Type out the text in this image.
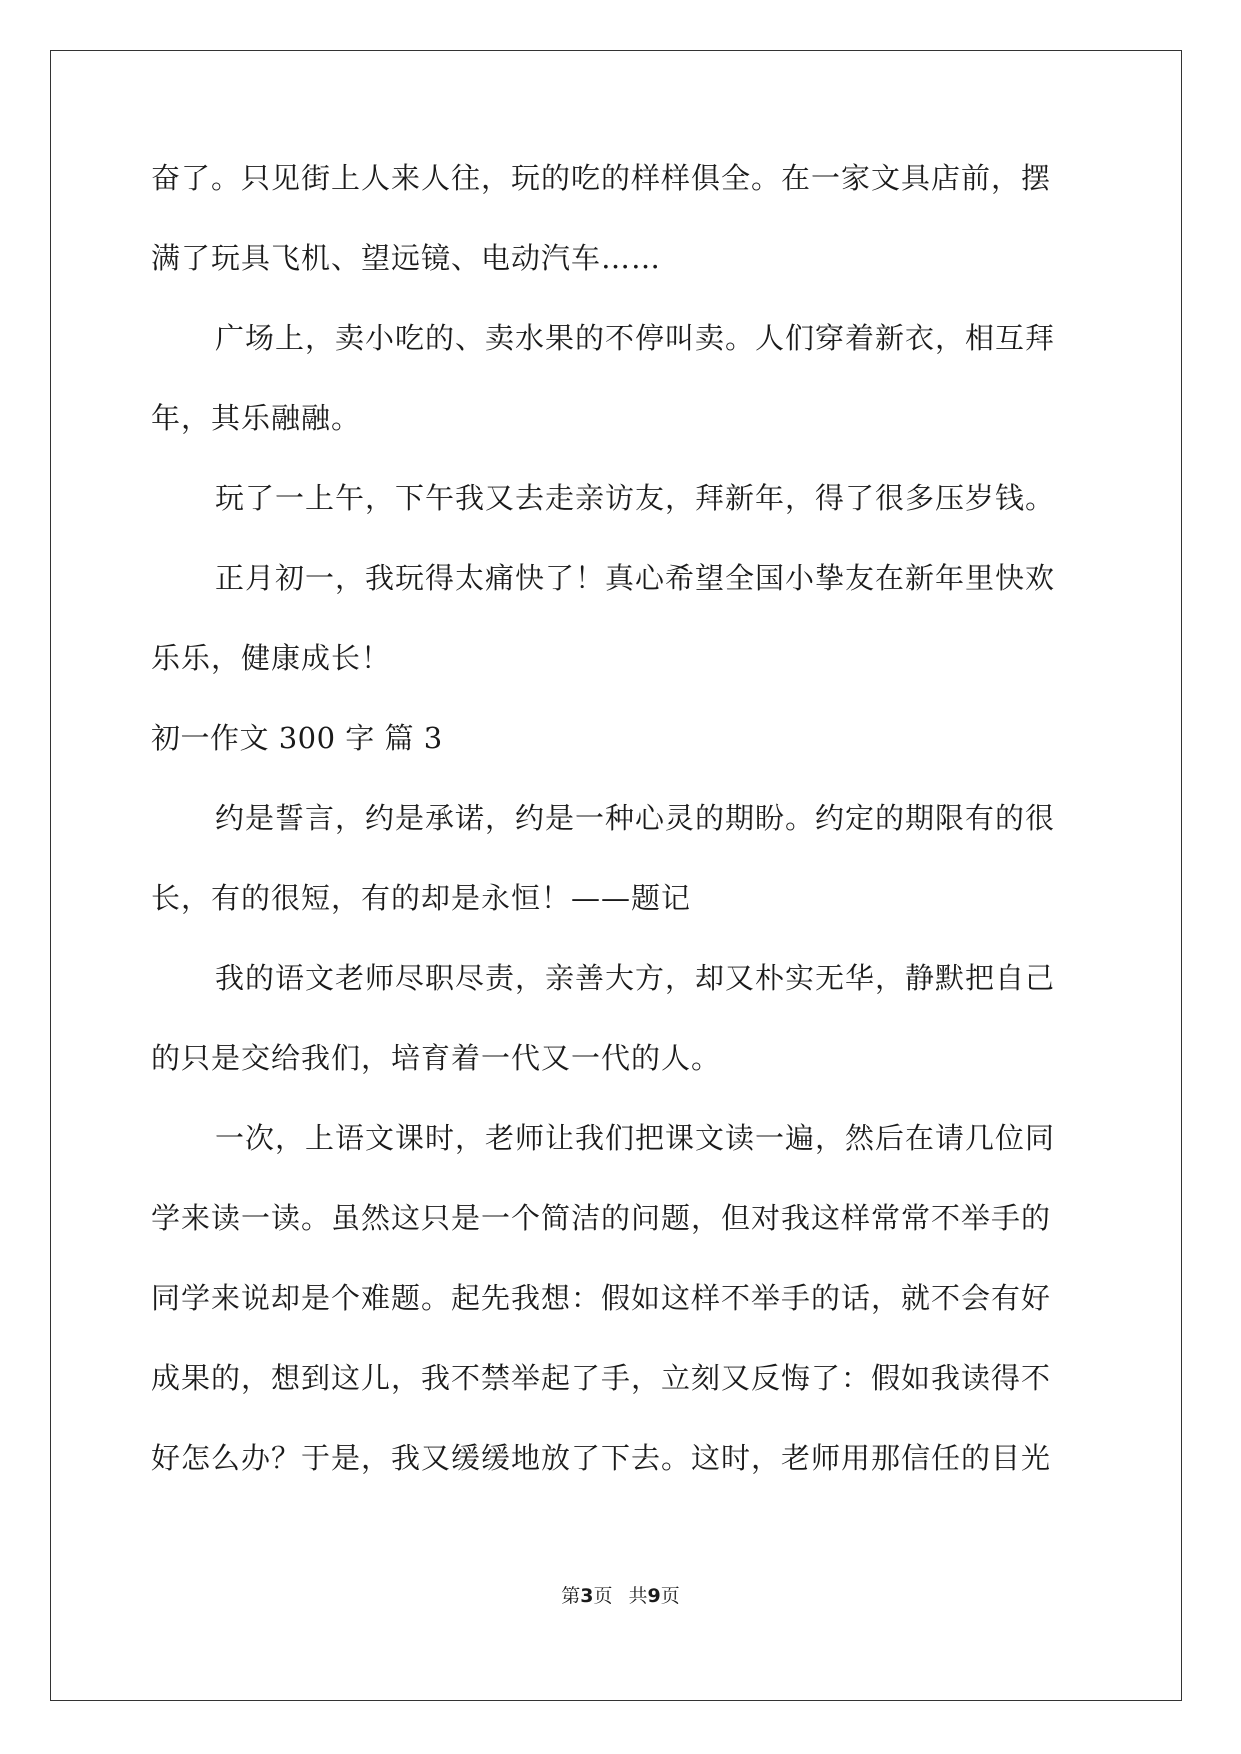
奋了。只见街上人来人往，玩的吃的样样俱全。在一家文具店前，摆
满了玩具飞机、望远镜、电动汽车……
广场上，卖小吃的、卖水果的不停叫卖。人们穿着新衣，相互拜
年，其乐融融。
玩了一上午，下午我又去走亲访友，拜新年，得了很多压岁钱。
正月初一，我玩得太痛快了！真心希望全国小挚友在新年里快欢
乐乐，健康成长！
初一作文 300 字 篇 3
约是誓言，约是承诺，约是一种心灵的期盼。约定的期限有的很
长，有的很短，有的却是永恒！——题记
我的语文老师尽职尽责，亲善大方，却又朴实无华，静默把自己
的只是交给我们，培育着一代又一代的人。
一次，上语文课时，老师让我们把课文读一遍，然后在请几位同
学来读一读。虽然这只是一个简洁的问题，但对我这样常常不举手的
同学来说却是个难题。起先我想：假如这样不举手的话，就不会有好
成果的，想到这儿，我不禁举起了手，立刻又反悔了：假如我读得不
好怎么办？于是，我又缓缓地放了下去。这时，老师用那信任的目光
第3页 共9页
